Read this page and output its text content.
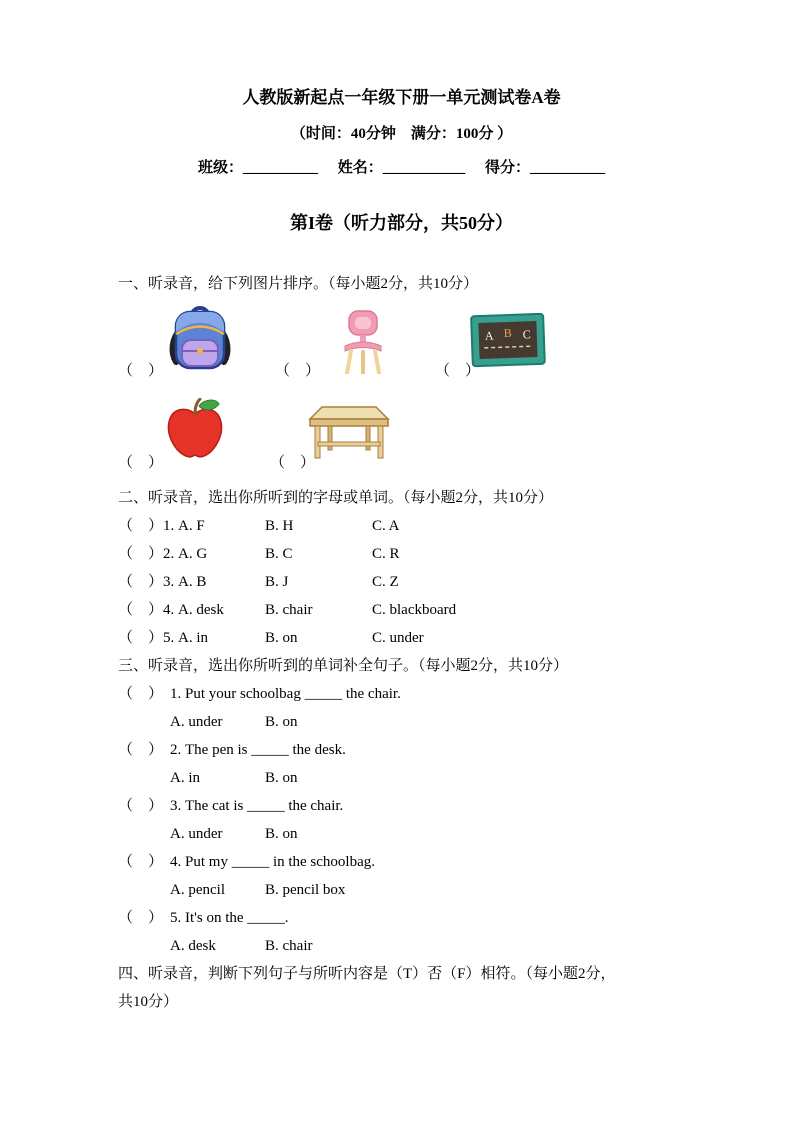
人教版新起点一年级下册一单元测试卷A卷
（时间：40分钟　满分：100分 ）
班级：__________ 姓名：___________ 得分：__________
第I卷（听力部分，共50分）
一、听录音，给下列图片排序。（每小题2分，共10分）
A B C
（　）	（　）	（　）
（　）	（　）
二、听录音，选出你所听到的字母或单词。（每小题2分，共10分）
（　）1. A. F	B. H	C. A
（　）2. A. G	B. C	C. R
（　）3. A. B	B. J	C. Z
（　）4. A. desk	B. chair	C. blackboard
（　）5. A. in	B. on	C. under
三、听录音，选出你所听到的单词补全句子。（每小题2分，共10分）
（　） 1. Put your schoolbag _____ the chair.
A. under	B. on
（　） 2. The pen is _____ the desk.
A. in	B. on
（　） 3. The cat is _____ the chair.
A. under	B. on
（　） 4. Put my _____ in the schoolbag.
A. pencil	B. pencil box
（　） 5. It's on the _____.
A. desk	B. chair
四、听录音，判断下列句子与所听内容是（T）否（F）相符。（每小题2分，
共10分）
